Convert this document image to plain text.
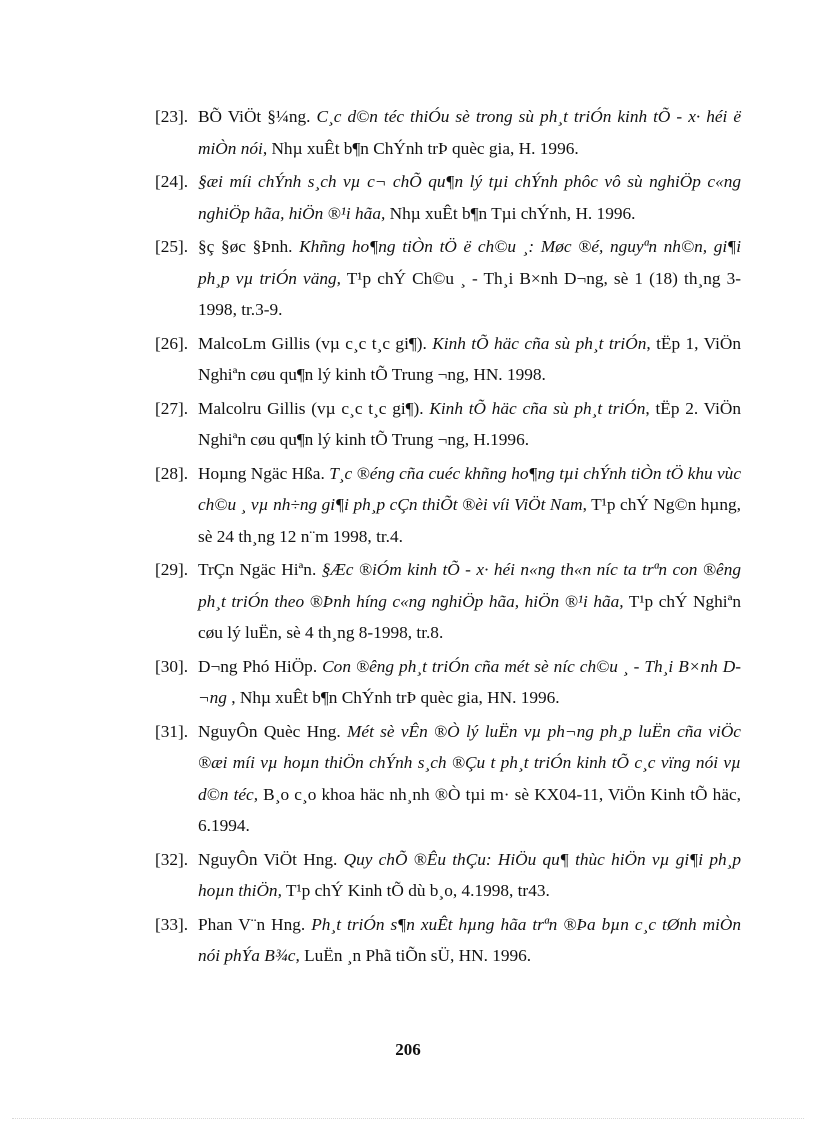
[23]. BÕ ViÖt §¼ng. C¸c d©n téc thiÓu sè trong sù ph¸t triÓn kinh tÕ - x· héi ë miÒn nói, Nhµ xuÊt b¶n ChÝnh trÞ quèc gia, H. 1996.
[24]. §æi míi chÝnh s¸ch vµ c¬ chÕ qu¶n lý tµi chÝnh phôc vô sù nghiÖp c«ng nghiÖp hãa, hiÖn ®¹i hãa, Nhµ xuÊt b¶n Tµi chÝnh, H. 1996.
[25]. §ç §øc §Þnh. Khñng ho¶ng tiÒn tÖ ë ch©u ¸: Møc ®é, nguyªn nh©n, gi¶i ph¸p vµ triÓn väng, T¹p chÝ Ch©u ¸ - Th¸i B×nh D¬ng, sè 1 (18) th¸ng 3-1998, tr.3-9.
[26]. MalcoLm Gillis (vµ c¸c t¸c gi¶). Kinh tÕ häc cña sù ph¸t triÓn, tËp 1, ViÖn Nghiªn cøu qu¶n lý kinh tÕ Trung ¬ng, HN. 1998.
[27]. Malcolru Gillis (vµ c¸c t¸c gi¶). Kinh tÕ häc cña sù ph¸t triÓn, tËp 2. ViÖn Nghiªn cøu qu¶n lý kinh tÕ Trung ¬ng, H.1996.
[28]. Hoµng Ngäc Hßa. T¸c ®éng cña cuéc khñng ho¶ng tµi chÝnh tiÒn tÖ khu vùc ch©u ¸ vµ nh÷ng gi¶i ph¸p cÇn thiÕt ®èi víi ViÖt Nam, T¹p chÝ Ng©n hµng, sè 24 th¸ng 12 n¨m 1998, tr.4.
[29]. TrÇn Ngäc Hiªn. §Æc ®iÓm kinh tÕ - x· héi n«ng th«n níc ta trªn con ®êng ph¸t triÓn theo ®Þnh híng c«ng nghiÖp hãa, hiÖn ®¹i hãa, T¹p chÝ Nghiªn cøu lý luËn, sè 4 th¸ng 8-1998, tr.8.
[30]. D¬ng Phó HiÖp. Con ®êng ph¸t triÓn cña mét sè níc ch©u ¸ - Th¸i B×nh D¬ng , Nhµ xuÊt b¶n ChÝnh trÞ quèc gia, HN. 1996.
[31]. NguyÔn Quèc Hng. Mét sè vÊn ®Ò lý luËn vµ ph¬ng ph¸p luËn cña viÖc ®æi míi vµ hoµn thiÖn chÝnh s¸ch ®Çu t ph¸t triÓn kinh tÕ c¸c vïng nói vµ d©n téc, B¸o c¸o khoa häc nh¸nh ®Ò tµi m· sè KX04-11, ViÖn Kinh tÕ häc, 6.1994.
[32]. NguyÔn ViÖt Hng. Quy chÕ ®Êu thÇu: HiÖu qu¶ thùc hiÖn vµ gi¶i ph¸p hoµn thiÖn, T¹p chÝ Kinh tÕ dù b¸o, 4.1998, tr43.
[33]. Phan V¨n Hng. Ph¸t triÓn s¶n xuÊt hµng hãa trªn ®Þa bµn c¸c tØnh miÒn nói phÝa B¾c, LuËn ¸n Phã tiÕn sÜ, HN. 1996.
206
